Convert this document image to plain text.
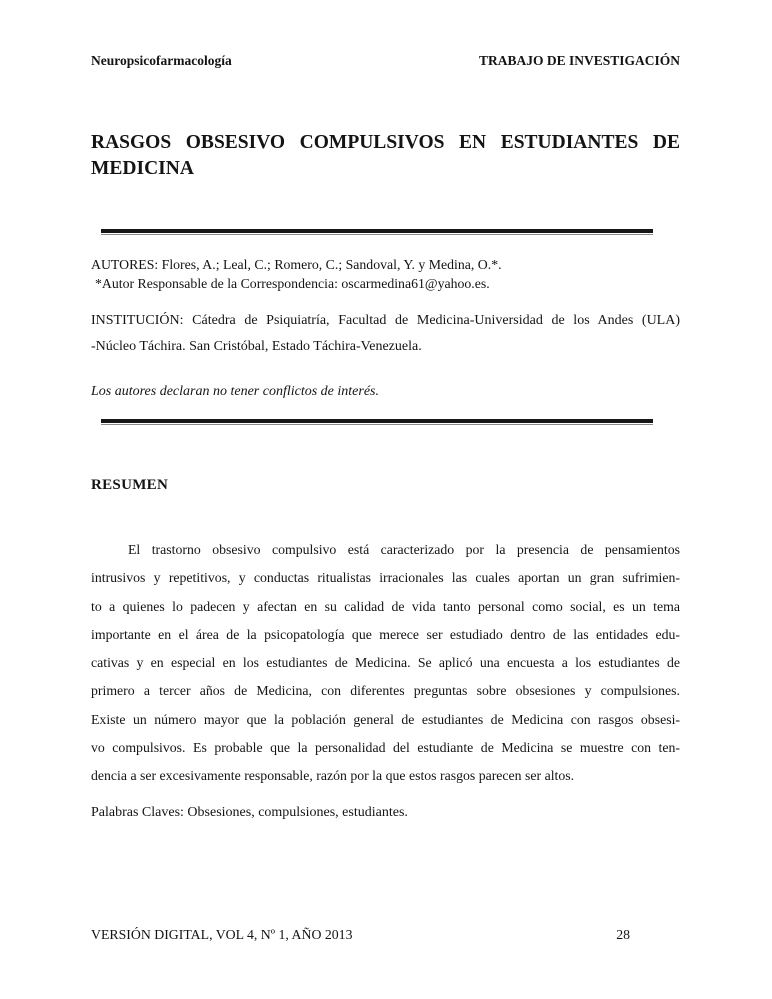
Neuropsicofarmacología	TRABAJO DE INVESTIGACIÓN
RASGOS OBSESIVO COMPULSIVOS EN ESTUDIANTES DE
MEDICINA
AUTORES: Flores, A.; Leal, C.; Romero, C.; Sandoval, Y. y Medina, O.*.
*Autor Responsable de la Correspondencia: oscarmedina61@yahoo.es.
INSTITUCIÓN: Cátedra de Psiquiatría, Facultad de Medicina-Universidad de los Andes (ULA)
-Núcleo Táchira. San Cristóbal, Estado Táchira-Venezuela.
Los autores declaran no tener conflictos de interés.
RESUMEN
El trastorno obsesivo compulsivo está caracterizado por la presencia de pensamientos
intrusivos y repetitivos, y conductas ritualistas irracionales las cuales aportan un gran sufrimien-
to a quienes lo padecen y afectan en su calidad de vida tanto personal como social, es un tema
importante en el área de la psicopatología que merece ser estudiado dentro de las entidades edu-
cativas y en especial en los estudiantes de Medicina. Se aplicó una encuesta a los estudiantes de
primero a tercer años de Medicina, con diferentes preguntas sobre obsesiones y compulsiones.
Existe un número mayor que la población general de estudiantes de Medicina con rasgos obsesi-
vo compulsivos. Es probable que la personalidad del estudiante de Medicina se muestre con ten-
dencia a ser excesivamente responsable, razón por la que estos rasgos parecen ser altos.
Palabras Claves: Obsesiones, compulsiones, estudiantes.
VERSIÓN DIGITAL, VOL 4, Nº 1, AÑO 2013	28
